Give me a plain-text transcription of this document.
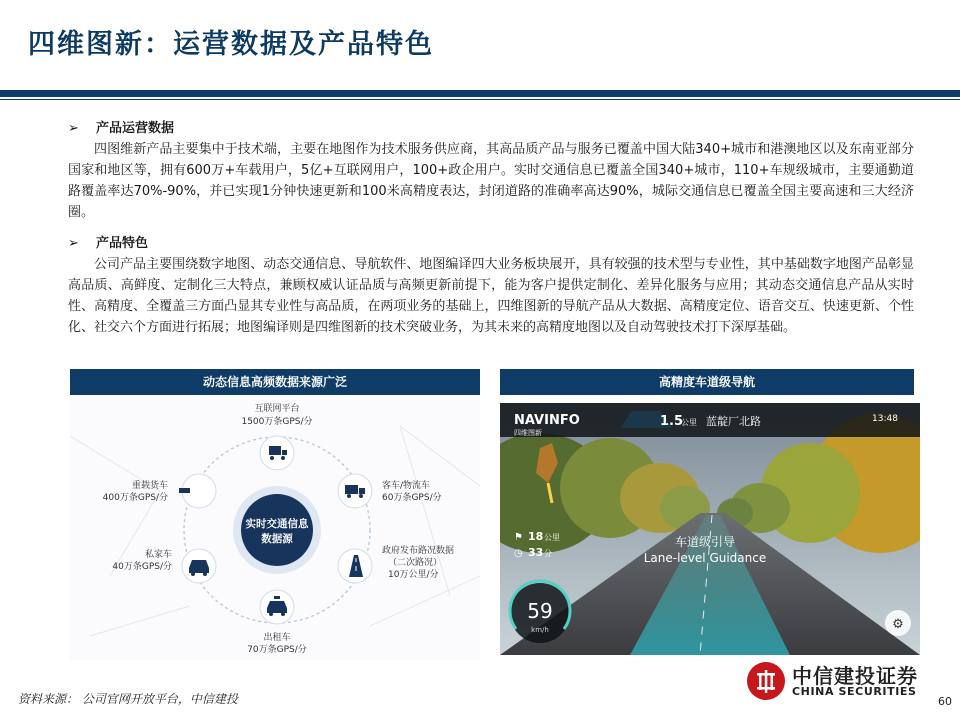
四维图新：运营数据及产品特色
➢ 产品运营数据
四图维新产品主要集中于技术端，主要在地图作为技术服务供应商，其高品质产品与服务已覆盖中国大陆340+城市和港澳地区以及东南亚部分国家和地区等，拥有600万+车载用户，5亿+互联网用户，100+政企用户。实时交通信息已覆盖全国340+城市，110+车规级城市，主要通勤道路覆盖率达70%-90%，并已实现1分钟快速更新和100米高精度表达，封闭道路的准确率高达90%，城际交通信息已覆盖全国主要高速和三大经济圈。
➢ 产品特色
公司产品主要围绕数字地图、动态交通信息、导航软件、地图编译四大业务板块展开，具有较强的技术型与专业性，其中基础数字地图产品彰显高品质、高鲜度、定制化三大特点，兼顾权威认证品质与高频更新前提下，能为客户提供定制化、差异化服务与应用；其动态交通信息产品从实时性、高精度、全覆盖三方面凸显其专业性与高品质，在两项业务的基础上，四维图新的导航产品从大数据、高精度定位、语音交互、快速更新、个性化、社交六个方面进行拓展；地图编译则是四维图新的技术突破业务，为其未来的高精度地图以及自动驾驶技术打下深厚基础。
动态信息高频数据来源广泛	高精度车道级导航
实时交通信息
数据源
互联网平台
1500万条GPS/分
客车/物流车
60万条GPS/分
政府发布路况数据
（二次路况）
10万公里/分
出租车
70万条GPS/分
私家车
40万条GPS/分
重载货车
400万条GPS/分
NAVINFO
四维图新
1.5
公里 蓝靛厂北路	13:48
18 公里
33 分
⚑
◷
车道级引导
Lane-level Guidance
59
km/h	⚙
资料来源： 公司官网开放平台，中信建投	60
中信建投证券
CHINA SECURITIES
